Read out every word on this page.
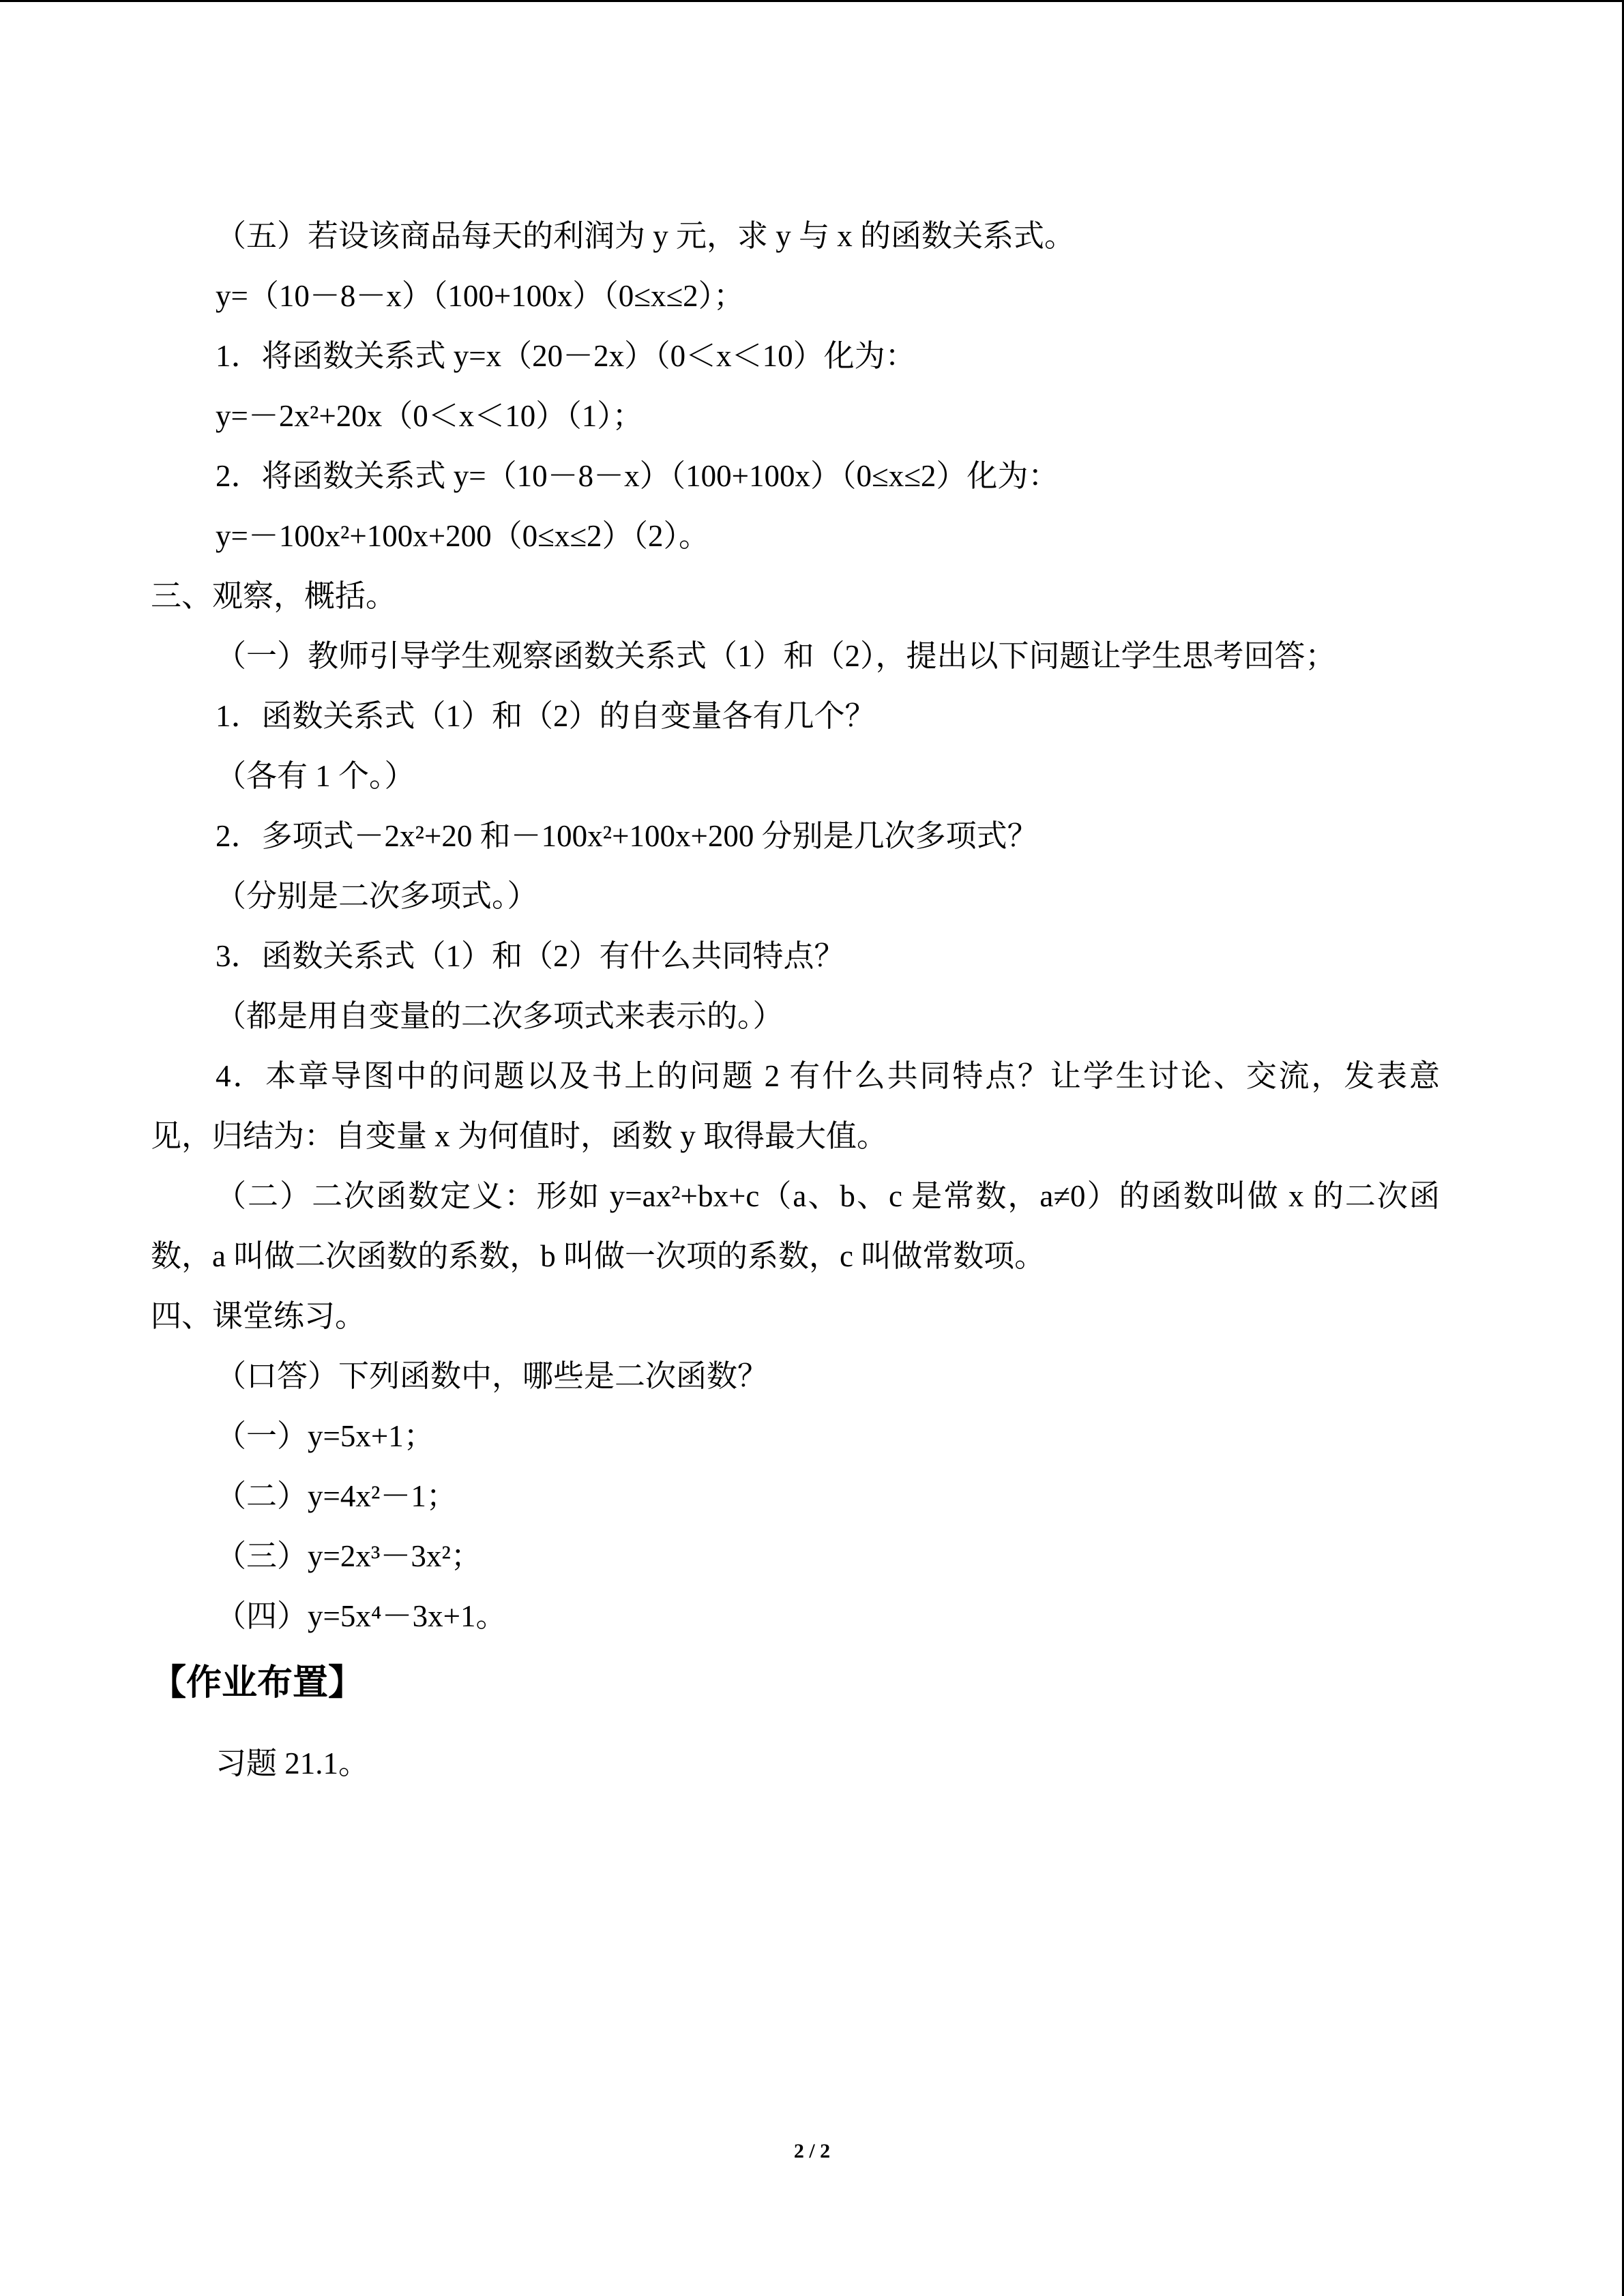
（五）若设该商品每天的利润为 y 元，求 y 与 x 的函数关系式。
y=（10－8－x）（100+100x）（0≤x≤2）；
1．将函数关系式 y=x（20－2x）（0＜x＜10）化为：
y=－2x²+20x（0＜x＜10）（1）；
2．将函数关系式 y=（10－8－x）（100+100x）（0≤x≤2）化为：
y=－100x²+100x+200（0≤x≤2）（2）。
三、观察，概括。
（一）教师引导学生观察函数关系式（1）和（2），提出以下问题让学生思考回答；
1．函数关系式（1）和（2）的自变量各有几个？
（各有 1 个。）
2．多项式－2x²+20 和－100x²+100x+200 分别是几次多项式？
（分别是二次多项式。）
3．函数关系式（1）和（2）有什么共同特点？
（都是用自变量的二次多项式来表示的。）
4．本章导图中的问题以及书上的问题 2 有什么共同特点？让学生讨论、交流，发表意
见，归结为：自变量 x 为何值时，函数 y 取得最大值。
（二）二次函数定义：形如 y=ax²+bx+c（a、b、c 是常数，a≠0）的函数叫做 x 的二次函
数，a 叫做二次函数的系数，b 叫做一次项的系数，c 叫做常数项。
四、课堂练习。
（口答）下列函数中，哪些是二次函数？
（一）y=5x+1；
（二）y=4x²－1；
（三）y=2x³－3x²；
（四）y=5x⁴－3x+1。
【作业布置】
习题 21.1。
2 / 2
